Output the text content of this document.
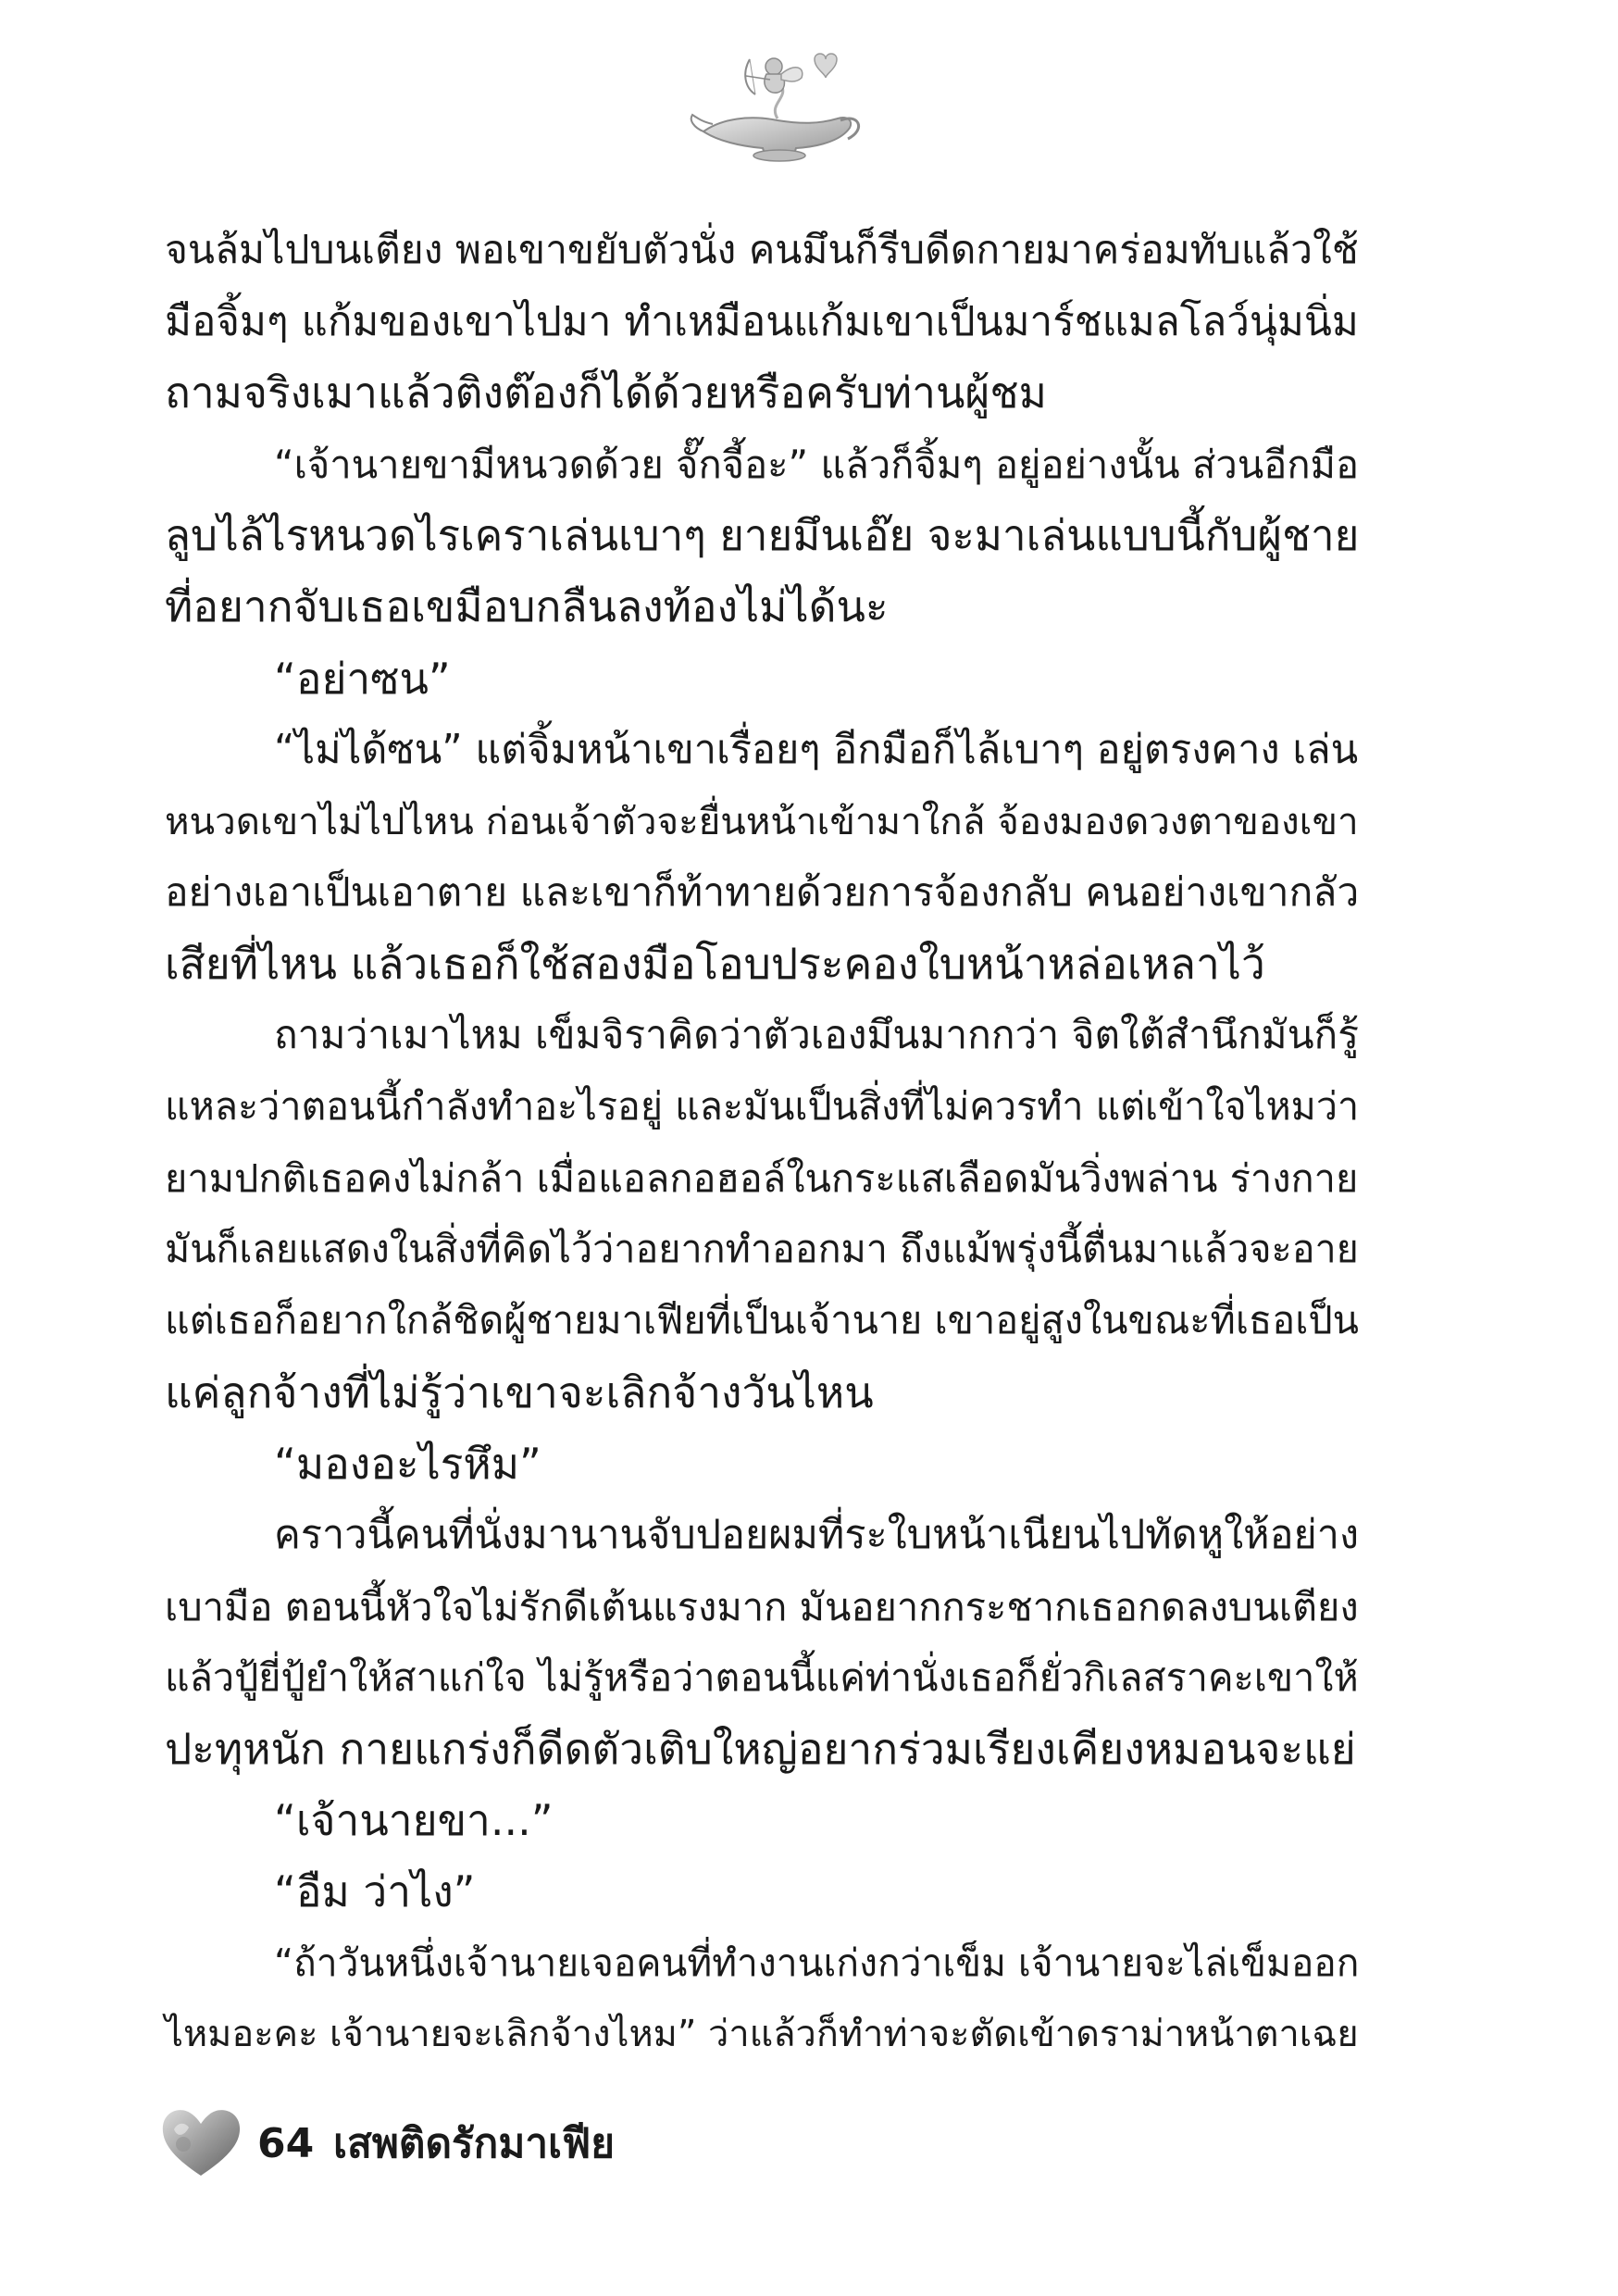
จนล้มไปบนเตียง พอเขาขยับตัวนั่ง คนมึนก็รีบดีดกายมาคร่อมทับแล้วใช้

มือจิ้มๆ แก้มของเขาไปมา ทำเหมือนแก้มเขาเป็นมาร์ชแมลโลว์นุ่มนิ่ม

ถามจริงเมาแล้วติงต๊องก็ได้ด้วยหรือครับท่านผู้ชม

“เจ้านายขามีหนวดด้วย จั๊กจี้อะ” แล้วก็จิ้มๆ อยู่อย่างนั้น ส่วนอีกมือ

ลูบไล้ไรหนวดไรเคราเล่นเบาๆ ยายมึนเอ๊ย จะมาเล่นแบบนี้กับผู้ชาย

ที่อยากจับเธอเขมือบกลืนลงท้องไม่ได้นะ

“อย่าซน”

“ไม่ได้ซน” แต่จิ้มหน้าเขาเรื่อยๆ อีกมือก็ไล้เบาๆ อยู่ตรงคาง เล่น

หนวดเขาไม่ไปไหน ก่อนเจ้าตัวจะยื่นหน้าเข้ามาใกล้ จ้องมองดวงตาของเขา

อย่างเอาเป็นเอาตาย และเขาก็ท้าทายด้วยการจ้องกลับ คนอย่างเขากลัว

เสียที่ไหน แล้วเธอก็ใช้สองมือโอบประคองใบหน้าหล่อเหลาไว้

ถามว่าเมาไหม เข็มจิราคิดว่าตัวเองมึนมากกว่า จิตใต้สำนึกมันก็รู้

แหละว่าตอนนี้กำลังทำอะไรอยู่ และมันเป็นสิ่งที่ไม่ควรทำ แต่เข้าใจไหมว่า

ยามปกติเธอคงไม่กล้า เมื่อแอลกอฮอล์ในกระแสเลือดมันวิ่งพล่าน ร่างกาย

มันก็เลยแสดงในสิ่งที่คิดไว้ว่าอยากทำออกมา ถึงแม้พรุ่งนี้ตื่นมาแล้วจะอาย

แต่เธอก็อยากใกล้ชิดผู้ชายมาเฟียที่เป็นเจ้านาย เขาอยู่สูงในขณะที่เธอเป็น

แค่ลูกจ้างที่ไม่รู้ว่าเขาจะเลิกจ้างวันไหน

“มองอะไรหึม”

คราวนี้คนที่นั่งมานานจับปอยผมที่ระใบหน้าเนียนไปทัดหูให้อย่าง

เบามือ ตอนนี้หัวใจไม่รักดีเต้นแรงมาก มันอยากกระชากเธอกดลงบนเตียง

แล้วปู้ยี่ปู้ยำให้สาแก่ใจ ไม่รู้หรือว่าตอนนี้แค่ท่านั่งเธอก็ยั่วกิเลสราคะเขาให้

ปะทุหนัก กายแกร่งก็ดีดตัวเติบใหญ่อยากร่วมเรียงเคียงหมอนจะแย่

“เจ้านายขา...”

“อืม ว่าไง”

“ถ้าวันหนึ่งเจ้านายเจอคนที่ทำงานเก่งกว่าเข็ม เจ้านายจะไล่เข็มออก

ไหมอะคะ เจ้านายจะเลิกจ้างไหม” ว่าแล้วก็ทำท่าจะตัดเข้าดราม่าหน้าตาเฉย

64 เสพติดรักมาเฟีย
